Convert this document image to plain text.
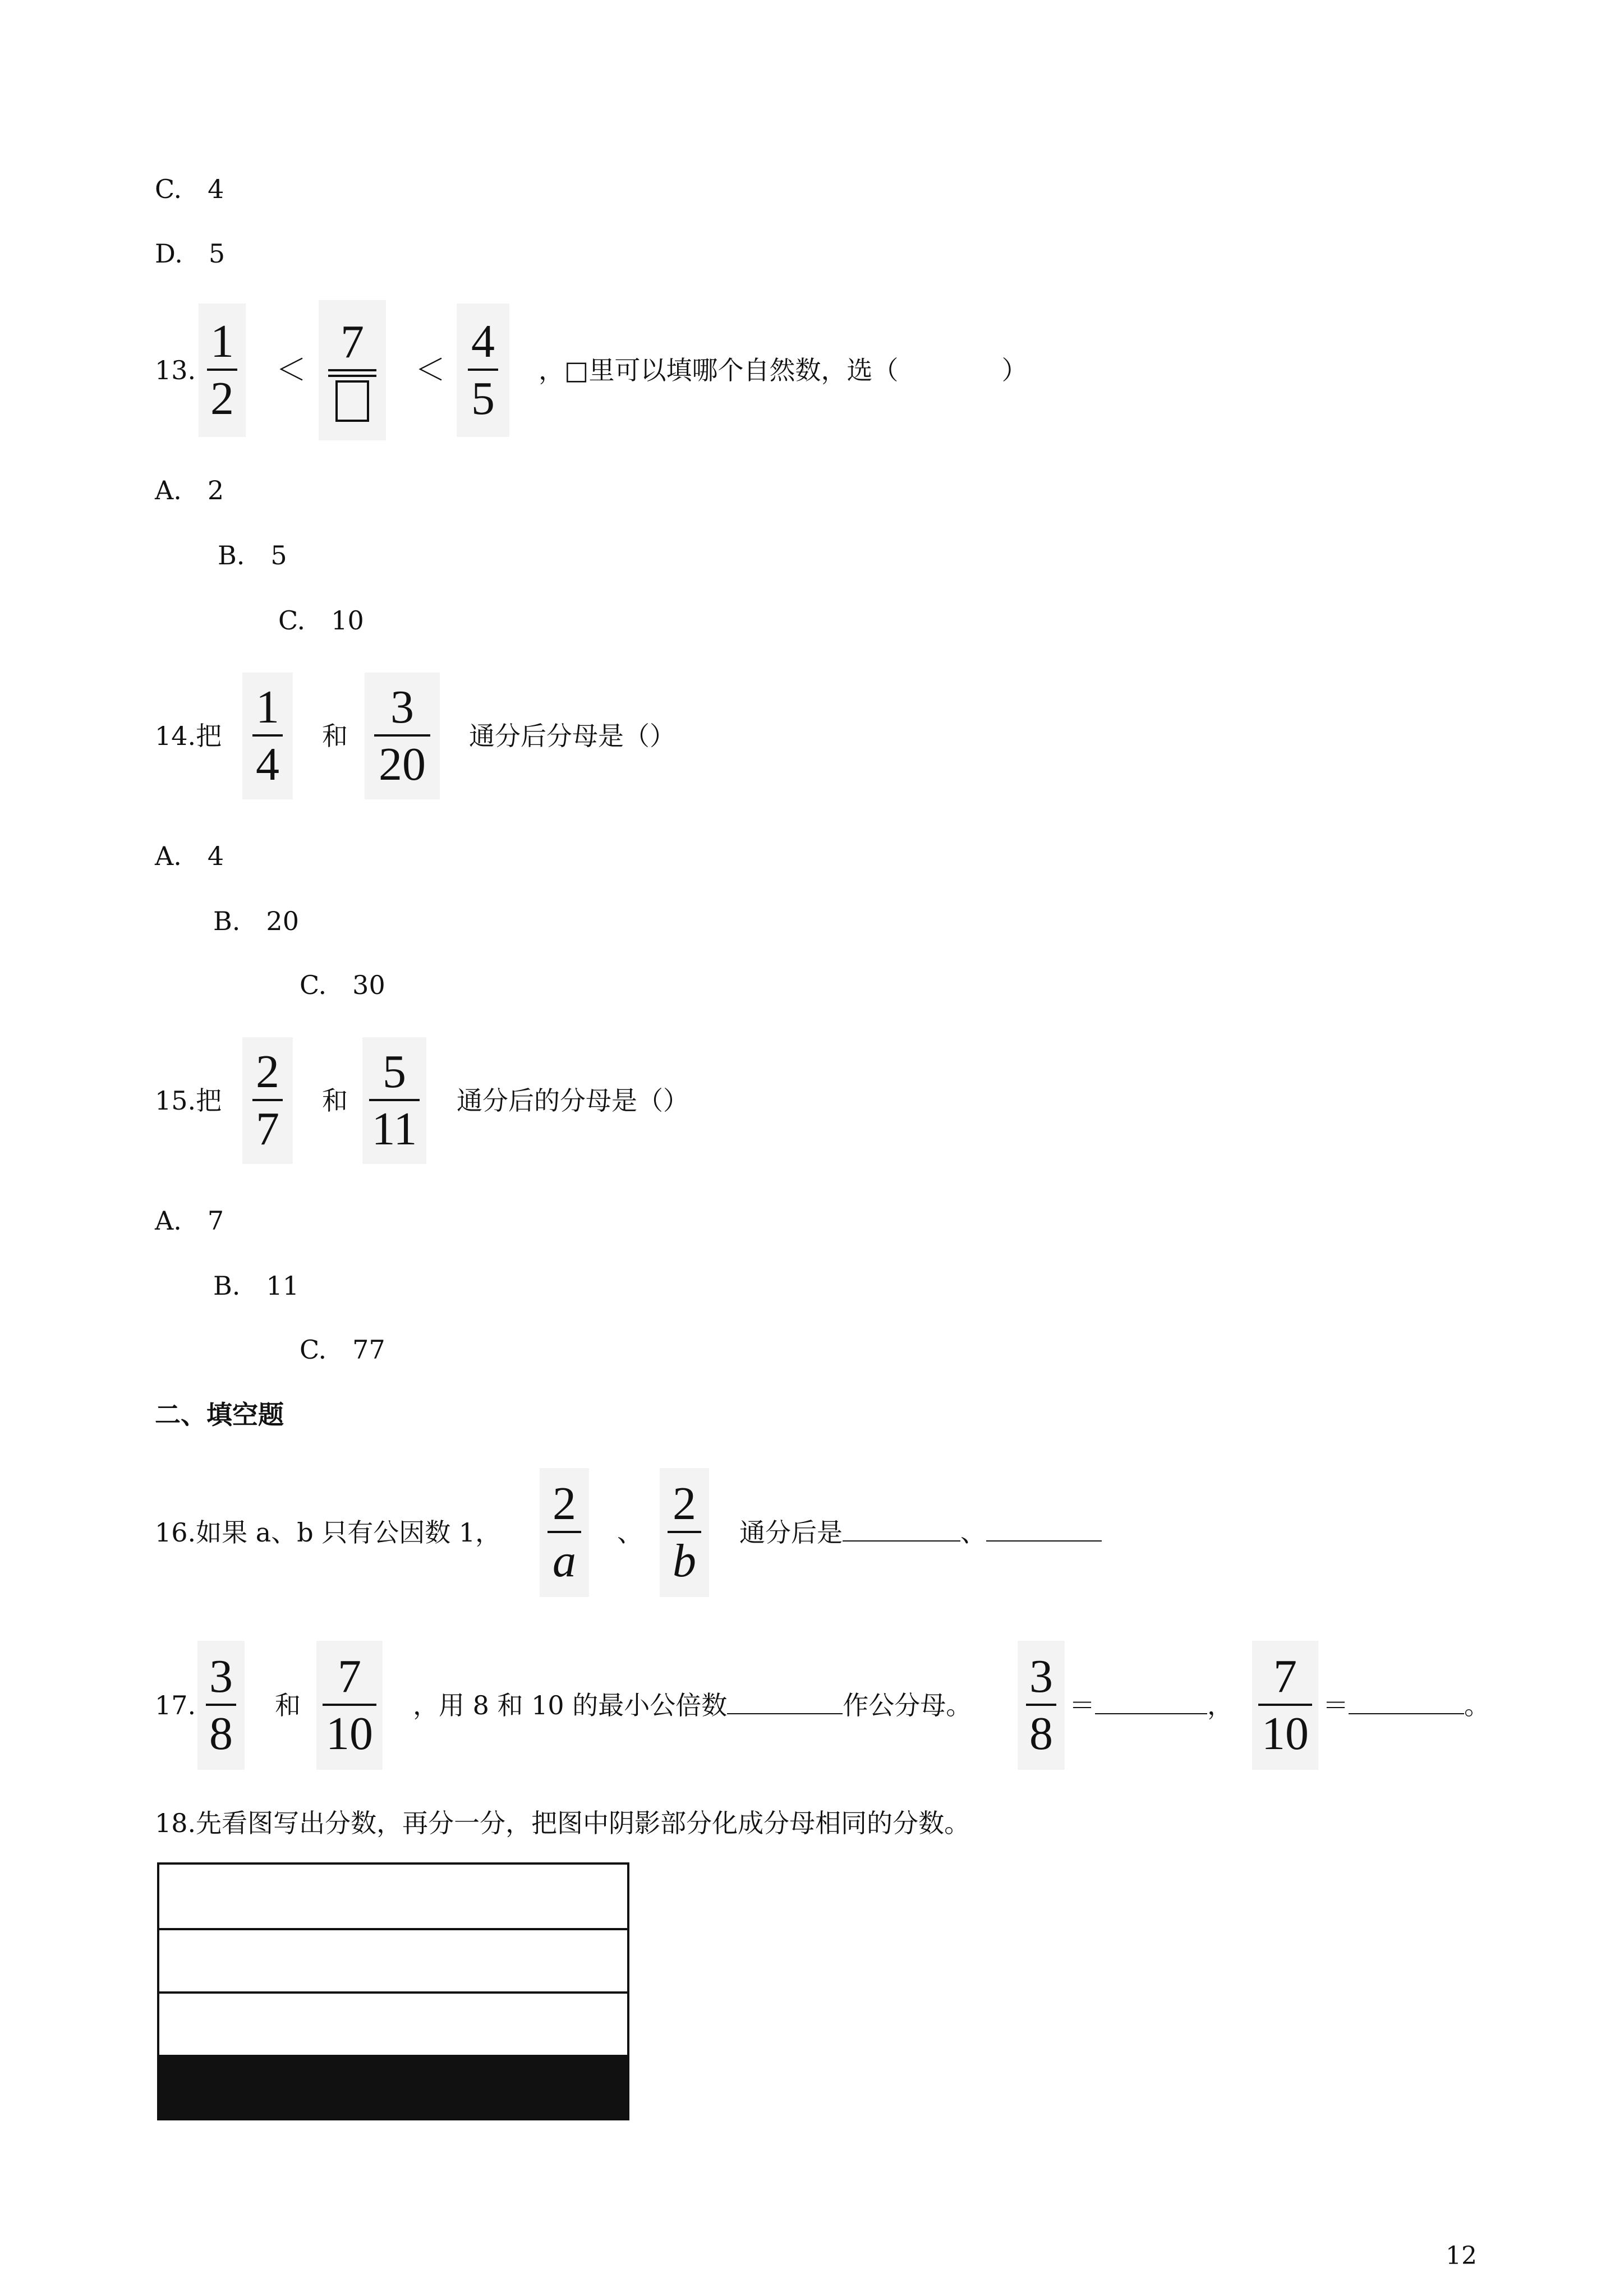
C.　4
D.　5
13.
1
2
＜
7
＜
4
5
，□里可以填哪个自然数，选（　　　　）
A.　2
B.　5
C.　10
14.把
1
4
和
3
20
通分后分母是（）
A.　4
B.　20
C.　30
15.把
2
7
和
5
11
通分后的分母是（）
A.　7
B.　11
C.　77
二、填空题
16.如果 a、b 只有公因数 1，
2
a
、
2
b
通分后是	、
17.
3
8
和
7
10
，用 8 和 10 的最小公倍数	作公分母。
3
8
＝	，
7
10
＝	。
18.先看图写出分数，再分一分，把图中阴影部分化成分母相同的分数。
12
